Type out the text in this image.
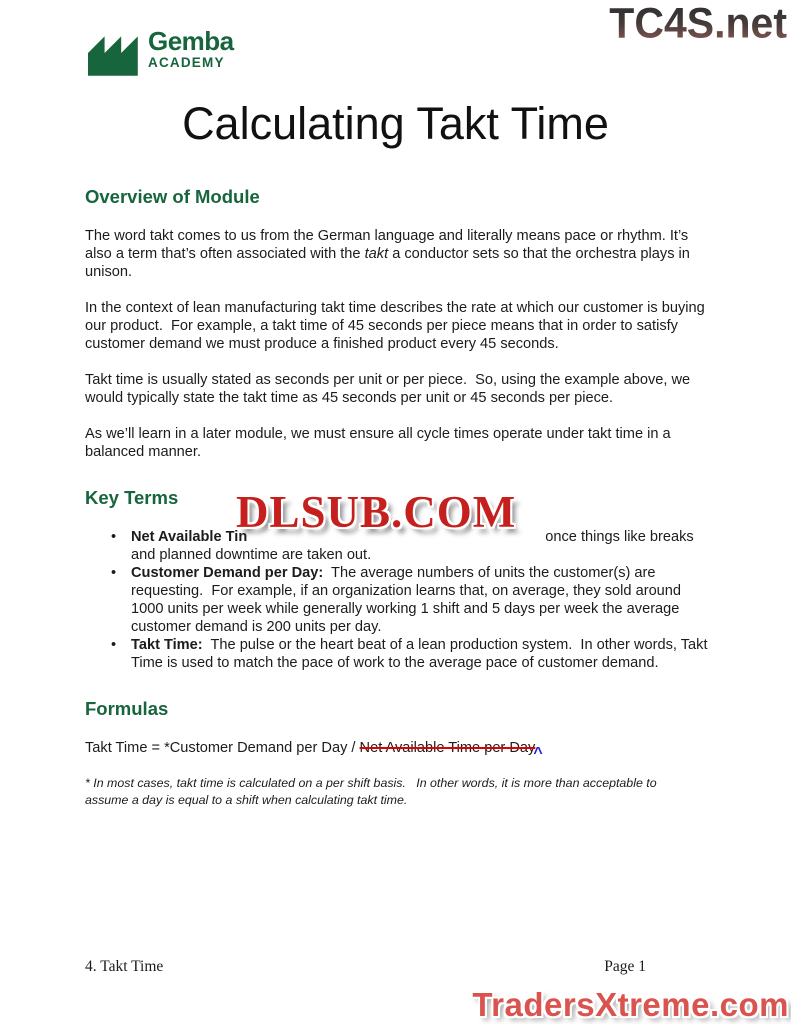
Gemba
ACADEMY
TC4S.net
Calculating Takt Time
Overview of Module

The word takt comes to us from the German language and literally means pace or rhythm. It’s also a term that’s often associated with the takt a conductor sets so that the orchestra plays in unison.

In the context of lean manufacturing takt time describes the rate at which our customer is buying our product.  For example, a takt time of 45 seconds per piece means that in order to satisfy customer demand we must produce a finished product every 45 seconds.

Takt time is usually stated as seconds per unit or per piece.  So, using the example above, we would typically state the takt time as 45 seconds per unit or 45 seconds per piece.

As we’ll learn in a later module, we must ensure all cycle times operate under takt time in a balanced manner.

Key Terms
• Net Available Tin	once things like breaks
and planned downtime are taken out.
• Customer Demand per Day:  The average numbers of units the customer(s) are requesting.  For example, if an organization learns that, on average, they sold around 1000 units per week while generally working 1 shift and 5 days per week the average customer demand is 200 units per day.
• Takt Time:  The pulse or the heart beat of a lean production system.  In other words, Takt Time is used to match the pace of work to the average pace of customer demand.
Formulas

Takt Time = *Customer Demand per Day / Net Available Time per Day^

* In most cases, takt time is calculated on a per shift basis.   In other words, it is more than acceptable to assume a day is equal to a shift when calculating takt time.
DLSUB.COM
4. Takt Time	Page 1
TradersXtreme.com
